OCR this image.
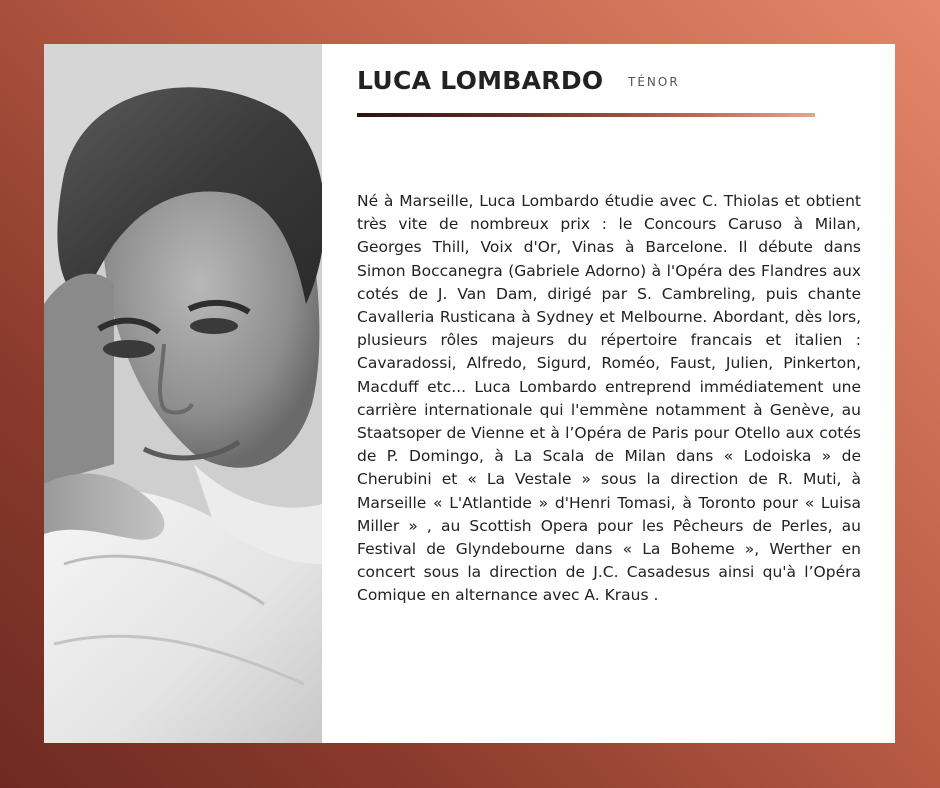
LUCA LOMBARDO TÉNOR

Né à Marseille, Luca Lombardo étudie avec C. Thiolas et obtient très vite de nombreux prix : le Concours Caruso à Milan, Georges Thill, Voix d'Or, Vinas à Barcelone. Il débute dans Simon Boccanegra (Gabriele Adorno) à l'Opéra des Flandres aux cotés de J. Van Dam, dirigé par S. Cambreling, puis chante Cavalleria Rusticana à Sydney et Melbourne. Abordant, dès lors, plusieurs rôles majeurs du répertoire francais et italien : Cavaradossi, Alfredo, Sigurd, Roméo, Faust, Julien, Pinkerton, Macduff etc... Luca Lombardo entreprend immédiatement une carrière internationale qui l'emmène notamment à Genève, au Staatsoper de Vienne et à l’Opéra de Paris pour Otello aux cotés de P. Domingo, à La Scala de Milan dans « Lodoiska » de Cherubini et « La Vestale » sous la direction de R. Muti, à Marseille « L'Atlantide » d'Henri Tomasi, à Toronto pour « Luisa Miller » , au Scottish Opera pour les Pêcheurs de Perles, au Festival de Glyndebourne dans « La Boheme », Werther en concert sous la direction de J.C. Casadesus ainsi qu'à l’Opéra Comique en alternance avec A. Kraus .
